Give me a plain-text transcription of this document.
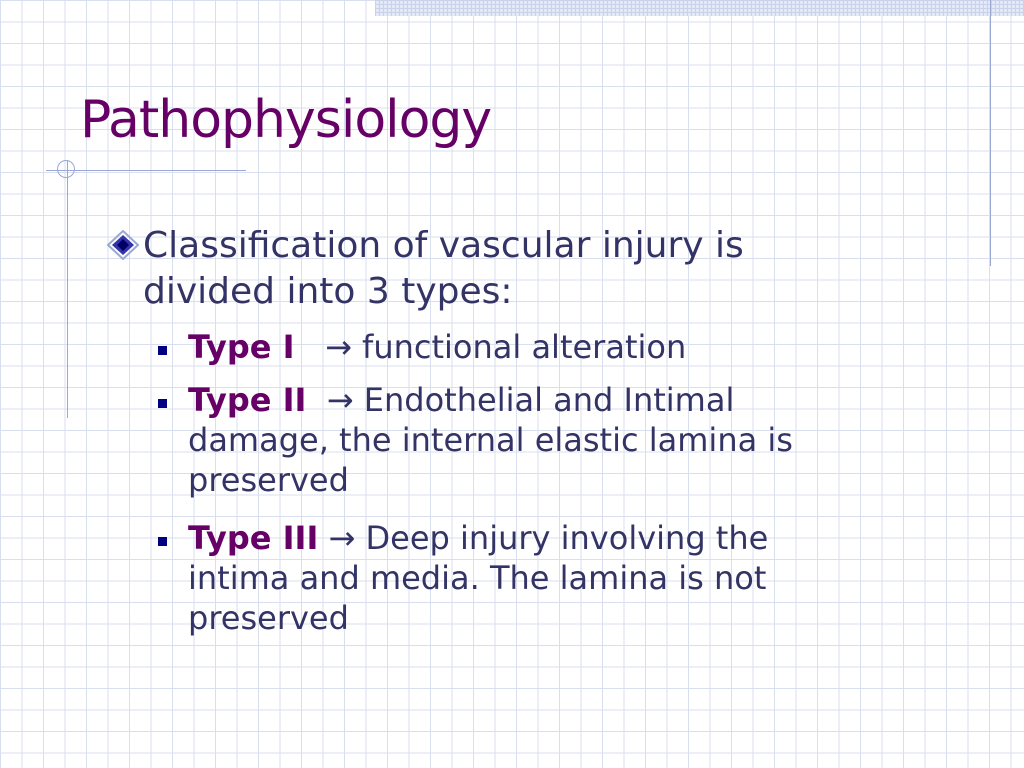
Pathophysiology

Classification of vascular injury is divided into 3 types:

Type I → functional alteration

Type II → Endothelial and Intimal damage, the internal elastic lamina is preserved

Type III → Deep injury involving the intima and media. The lamina is not preserved
